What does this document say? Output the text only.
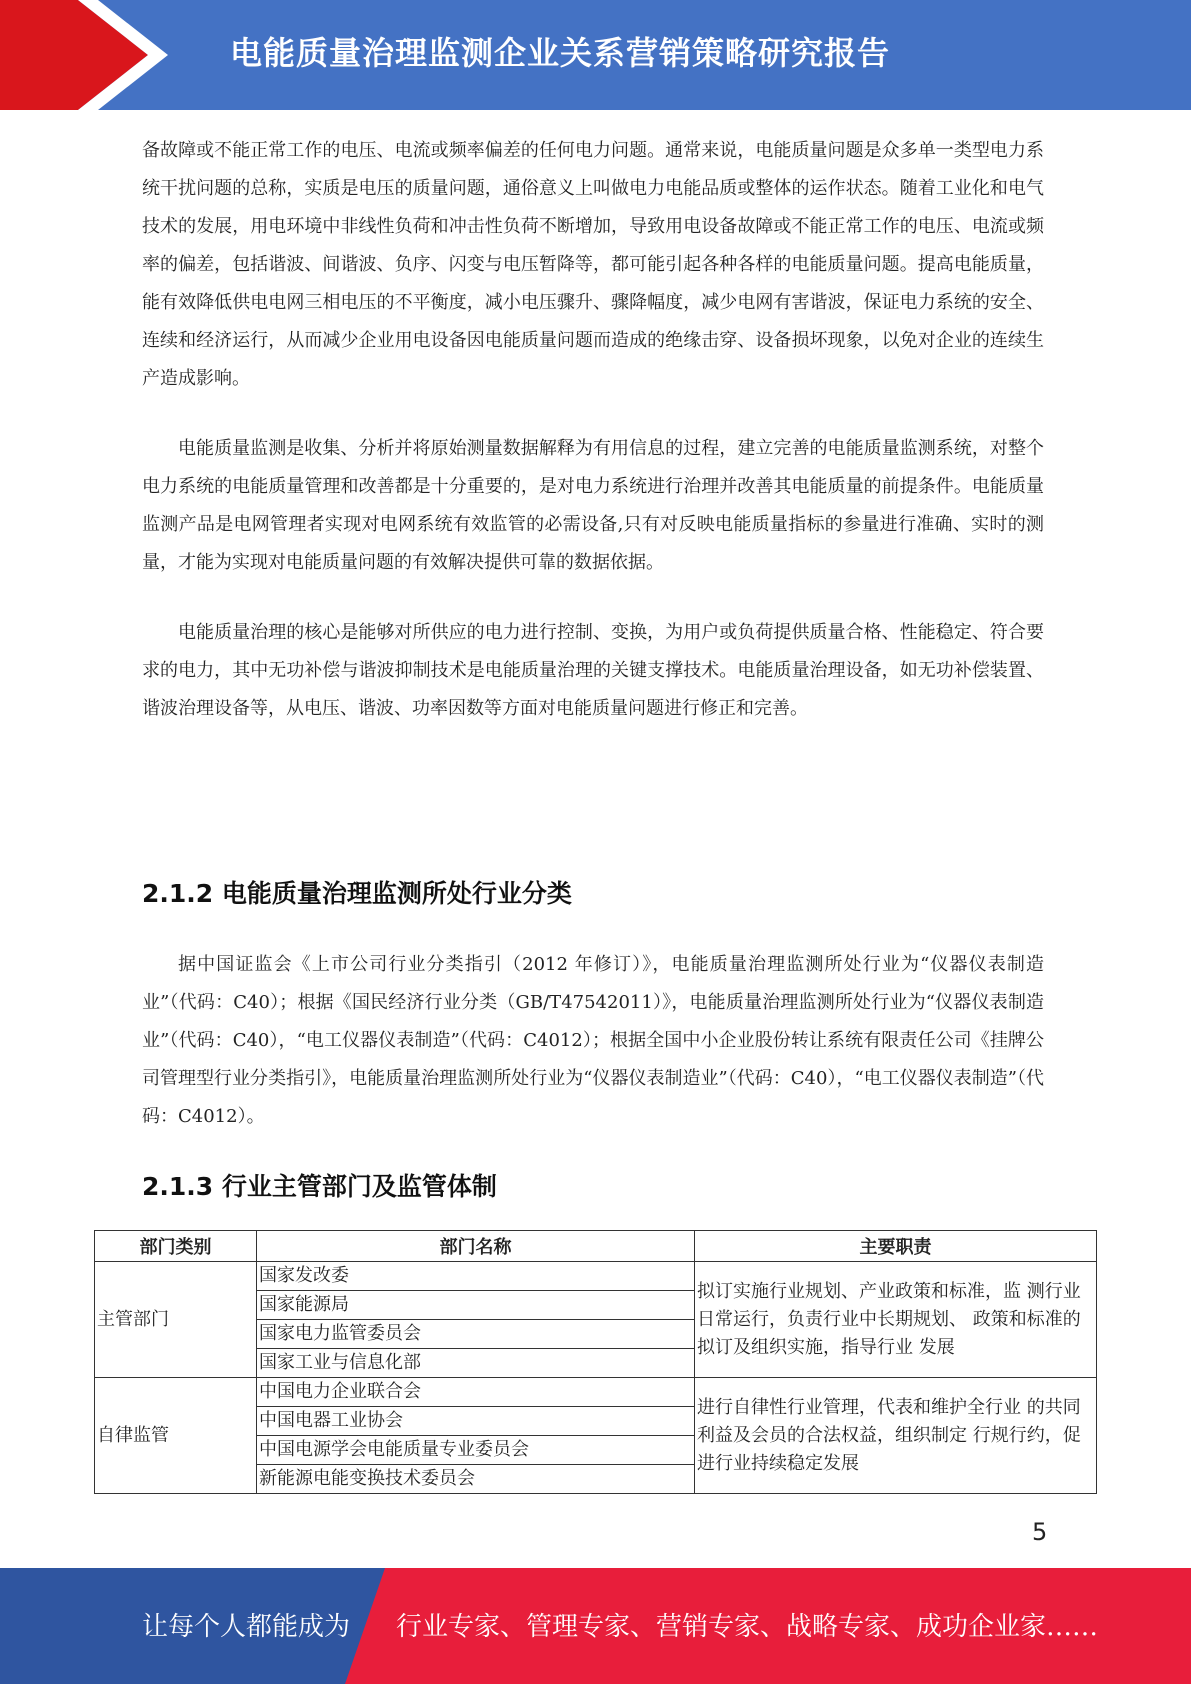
电能质量治理监测企业关系营销策略研究报告

备故障或不能正常工作的电压、电流或频率偏差的任何电力问题。通常来说，电能质量问题是众多单一类型电力系统干扰问题的总称，实质是电压的质量问题，通俗意义上叫做电力电能品质或整体的运作状态。随着工业化和电气技术的发展，用电环境中非线性负荷和冲击性负荷不断增加，导致用电设备故障或不能正常工作的电压、电流或频率的偏差，包括谐波、间谐波、负序、闪变与电压暂降等，都可能引起各种各样的电能质量问题。提高电能质量，能有效降低供电电网三相电压的不平衡度，减小电压骤升、骤降幅度，减少电网有害谐波，保证电力系统的安全、连续和经济运行，从而减少企业用电设备因电能质量问题而造成的绝缘击穿、设备损坏现象，以免对企业的连续生产造成影响。

电能质量监测是收集、分析并将原始测量数据解释为有用信息的过程，建立完善的电能质量监测系统，对整个电力系统的电能质量管理和改善都是十分重要的，是对电力系统进行治理并改善其电能质量的前提条件。电能质量监测产品是电网管理者实现对电网系统有效监管的必需设备,只有对反映电能质量指标的参量进行准确、实时的测量，才能为实现对电能质量问题的有效解决提供可靠的数据依据。

电能质量治理的核心是能够对所供应的电力进行控制、变换，为用户或负荷提供质量合格、性能稳定、符合要求的电力，其中无功补偿与谐波抑制技术是电能质量治理的关键支撑技术。电能质量治理设备，如无功补偿装置、谐波治理设备等，从电压、谐波、功率因数等方面对电能质量问题进行修正和完善。

2.1.2 电能质量治理监测所处行业分类

据中国证监会《上市公司行业分类指引（2012 年修订）》，电能质量治理监测所处行业为“仪器仪表制造业”（代码：C40）；根据《国民经济行业分类（GB/T47542011）》，电能质量治理监测所处行业为“仪器仪表制造业”（代码：C40），“电工仪器仪表制造”（代码：C4012）；根据全国中小企业股份转让系统有限责任公司《挂牌公司管理型行业分类指引》，电能质量治理监测所处行业为“仪器仪表制造业”（代码：C40），“电工仪器仪表制造”（代码：C4012）。

2.1.3 行业主管部门及监管体制
部门类别	部门名称	主要职责
主管部门	国家发改委	拟订实施行业规划、产业政策和标准，监 测行业日常运行，负责行业中长期规划、 政策和标准的拟订及组织实施，指导行业 发展
	国家能源局	
	国家电力监管委员会	
	国家工业与信息化部	
自律监管	中国电力企业联合会	进行自律性行业管理，代表和维护全行业 的共同利益及会员的合法权益，组织制定 行规行约，促进行业持续稳定发展
	中国电器工业协会	
	中国电源学会电能质量专业委员会	
	新能源电能变换技术委员会	
5
让每个人都能成为 行业专家、管理专家、营销专家、战略专家、成功企业家……
